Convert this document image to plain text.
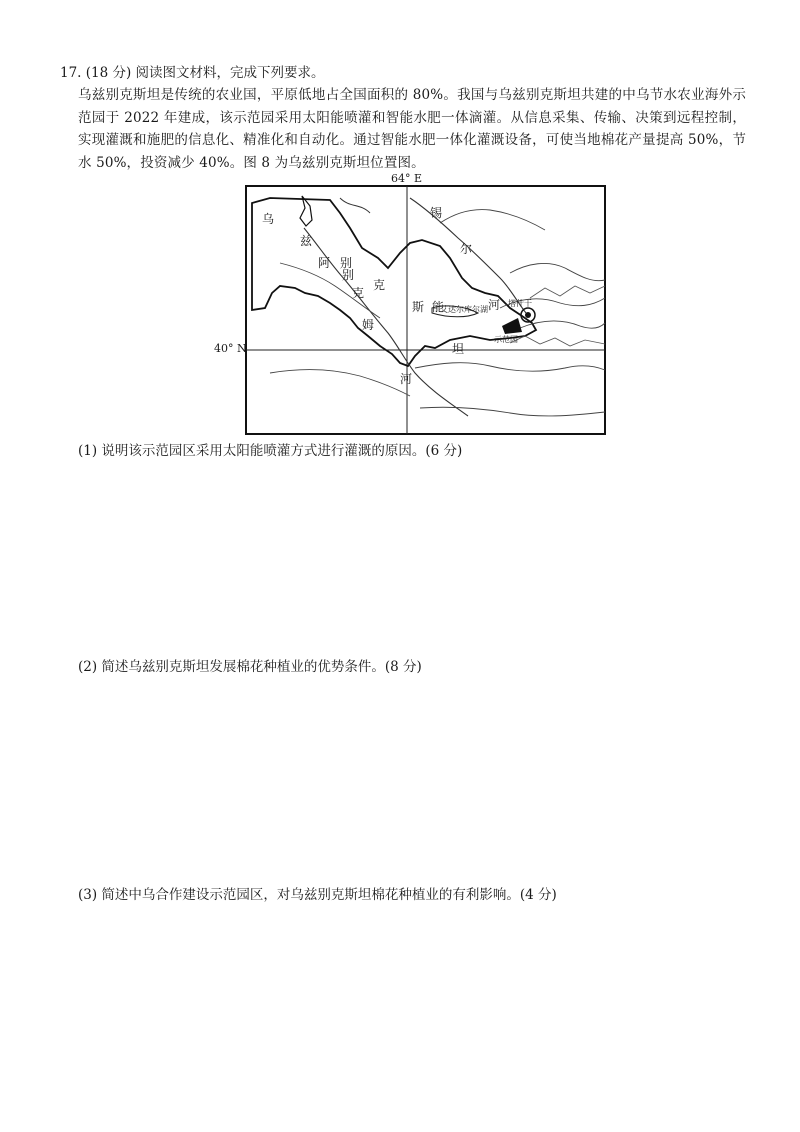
17. (18 分) 阅读图文材料，完成下列要求。
乌兹别克斯坦是传统的农业国，平原低地占全国面积的 80%。我国与乌兹别克斯坦共建的中乌节水农业海外示范园于 2022 年建成，该示范园采用太阳能喷灌和智能水肥一体滴灌。从信息采集、传输、决策到远程控制，实现灌溉和施肥的信息化、精准化和自动化。通过智能水肥一体化灌溉设备，可使当地棉花产量提高 50%，节水 50%，投资减少 40%。图 8 为乌兹别克斯坦位置图。
64° E
40° N
乌
兹
别
克
斯
坦
阿
别
克
姆
河
锡
尔
能	河
艾达尔库尔湖
塔什干
示范园
(1) 说明该示范园区采用太阳能喷灌方式进行灌溉的原因。(6 分)
(2) 简述乌兹别克斯坦发展棉花种植业的优势条件。(8 分)
(3) 简述中乌合作建设示范园区，对乌兹别克斯坦棉花种植业的有利影响。(4 分)
